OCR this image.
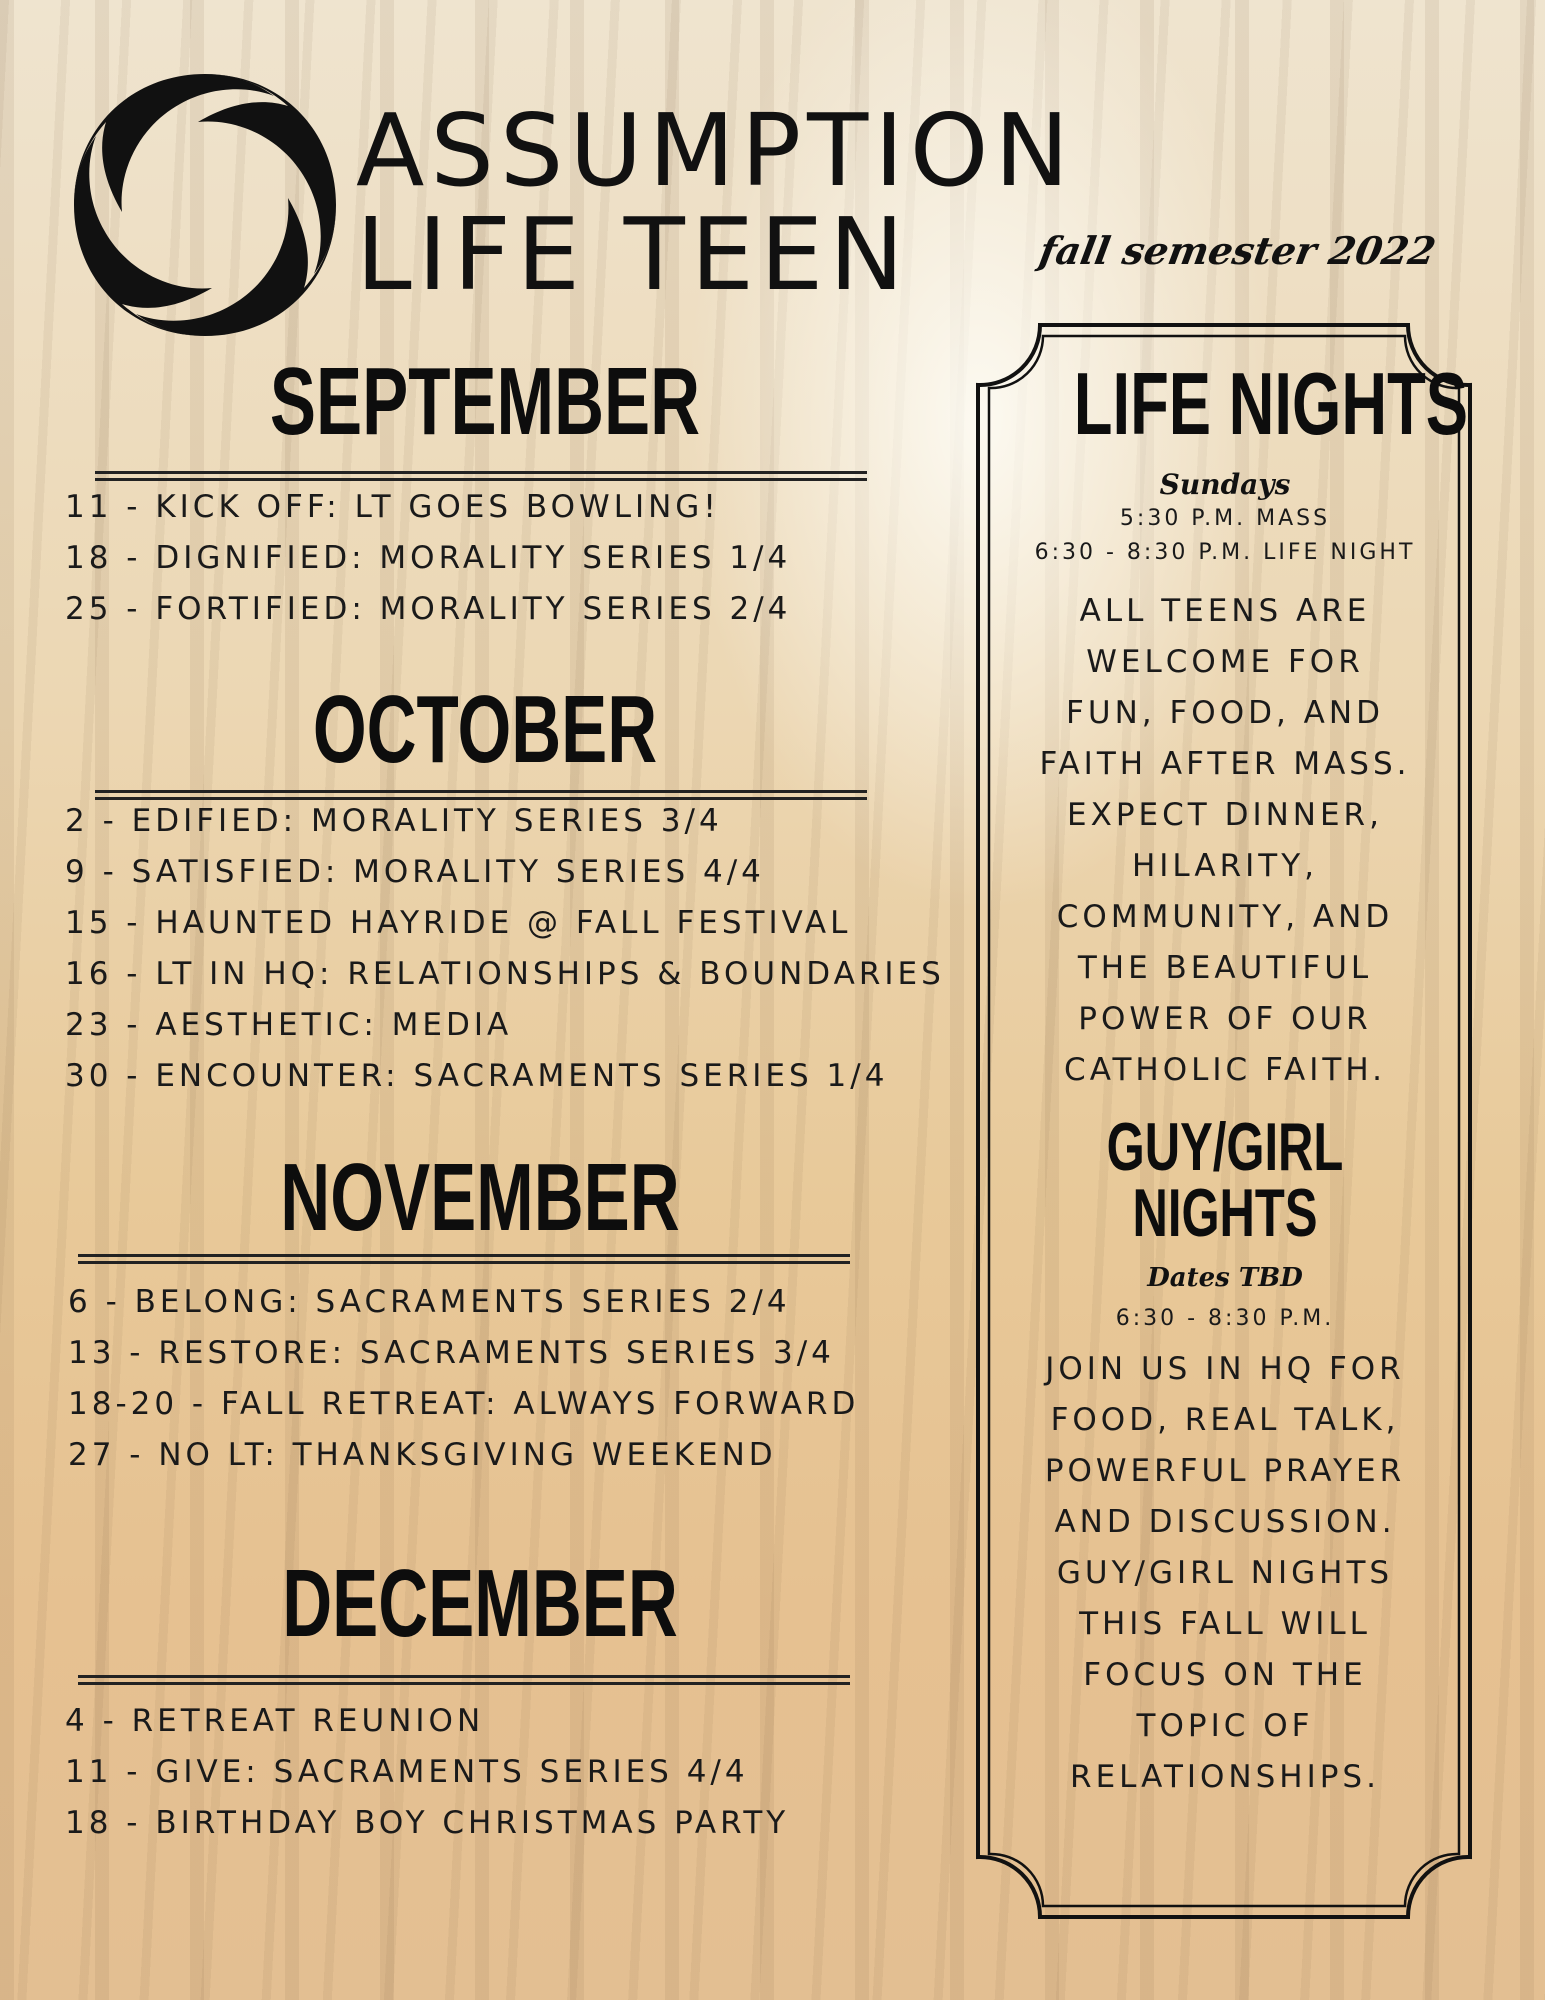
ASSUMPTION
LIFE TEEN	fall semester 2022
SEPTEMBER
11 - KICK OFF: LT GOES BOWLING!
18 - DIGNIFIED: MORALITY SERIES 1/4
25 - FORTIFIED: MORALITY SERIES 2/4
OCTOBER
2 - EDIFIED: MORALITY SERIES 3/4
9 - SATISFIED: MORALITY SERIES 4/4
15 - HAUNTED HAYRIDE @ FALL FESTIVAL
16 - LT IN HQ: RELATIONSHIPS & BOUNDARIES
23 - AESTHETIC: MEDIA
30 - ENCOUNTER: SACRAMENTS SERIES 1/4
NOVEMBER
6 - BELONG: SACRAMENTS SERIES 2/4
13 - RESTORE: SACRAMENTS SERIES 3/4
18-20 - FALL RETREAT: ALWAYS FORWARD
27 - NO LT: THANKSGIVING WEEKEND
DECEMBER
4 - RETREAT REUNION
11 - GIVE: SACRAMENTS SERIES 4/4
18 - BIRTHDAY BOY CHRISTMAS PARTY
LIFE NIGHTS
Sundays
5:30 P.M. MASS
6:30 - 8:30 P.M. LIFE NIGHT
ALL TEENS ARE
WELCOME FOR
FUN, FOOD, AND
FAITH AFTER MASS.
EXPECT DINNER,
HILARITY,
COMMUNITY, AND
THE BEAUTIFUL
POWER OF OUR
CATHOLIC FAITH.
GUY/GIRL
NIGHTS
Dates TBD
6:30 - 8:30 P.M.
JOIN US IN HQ FOR
FOOD, REAL TALK,
POWERFUL PRAYER
AND DISCUSSION.
GUY/GIRL NIGHTS
THIS FALL WILL
FOCUS ON THE
TOPIC OF
RELATIONSHIPS.
